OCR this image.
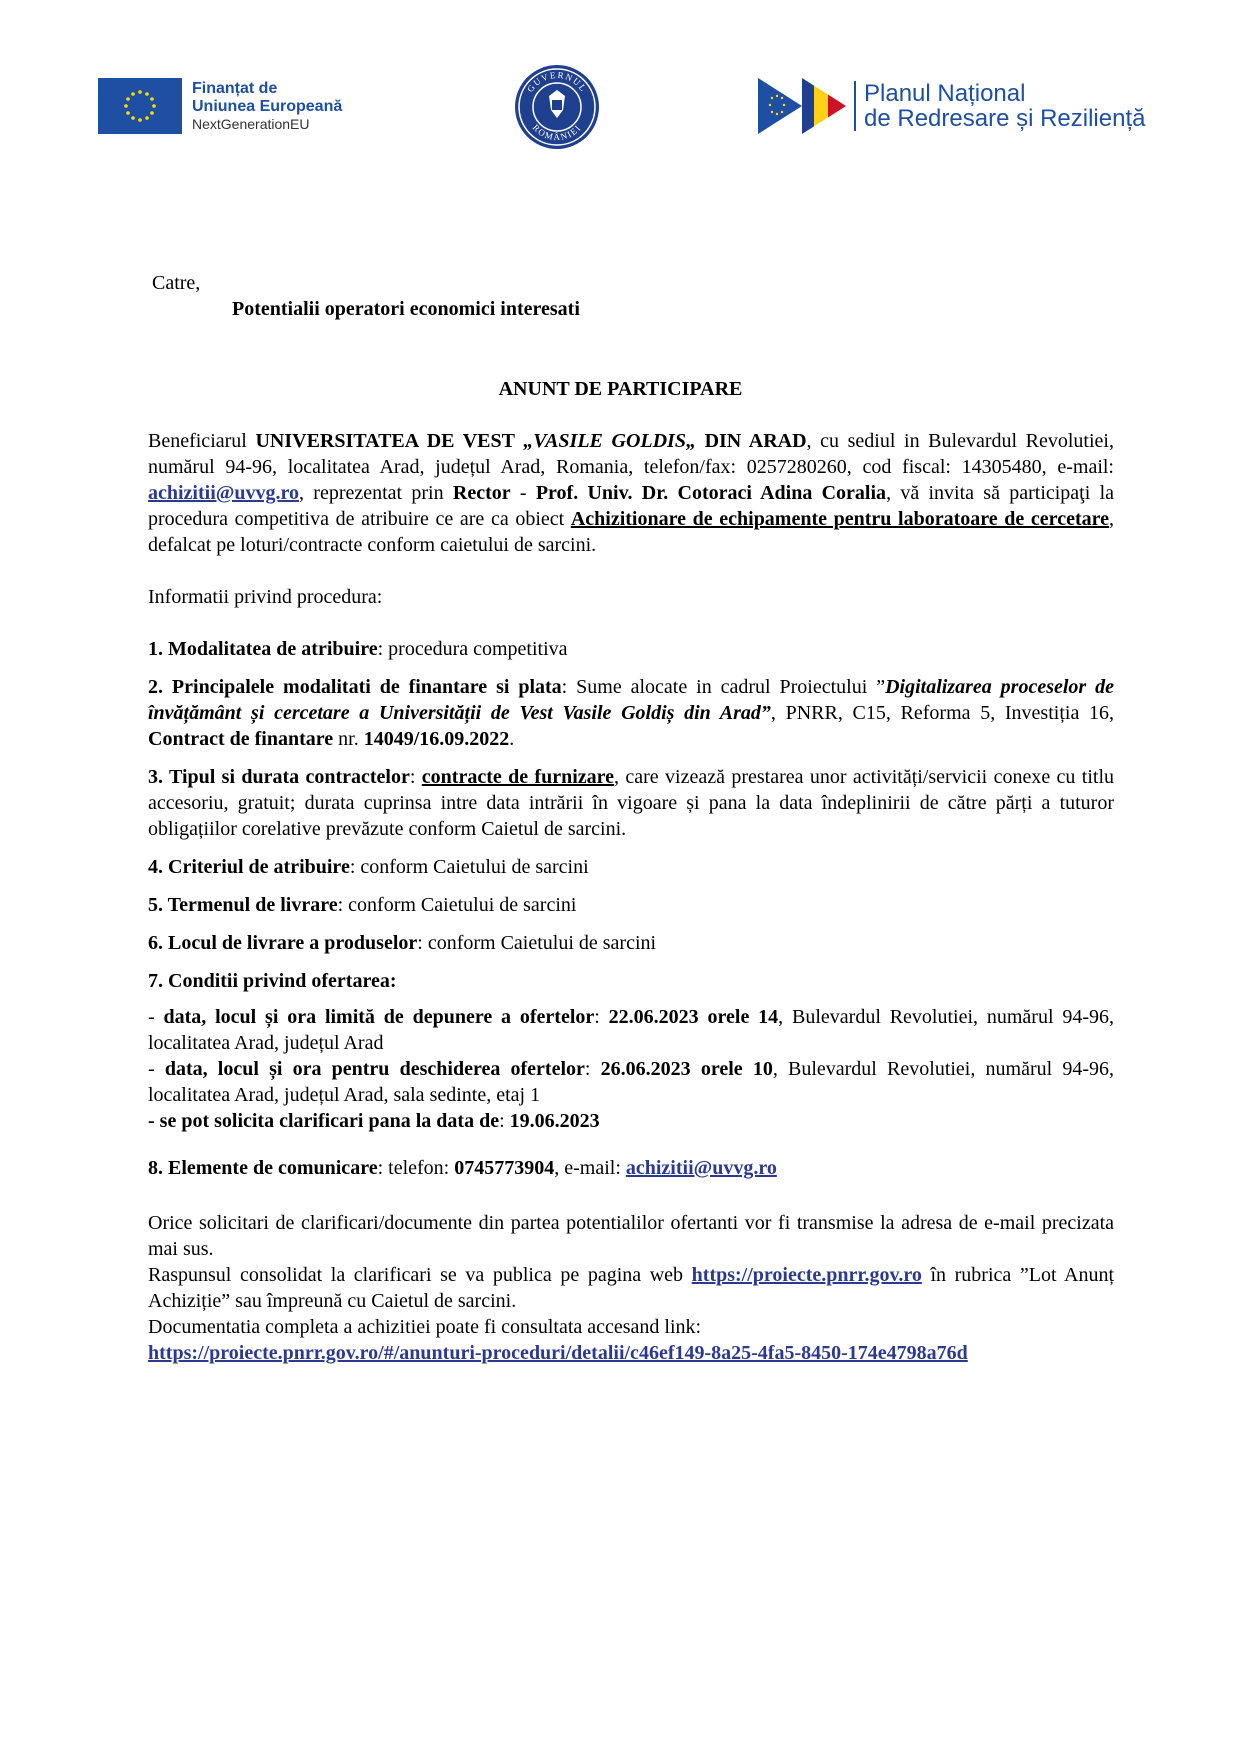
Finanțat de
Uniunea Europeană
NextGenerationEU
GUVERNUL
ROMÂNIEI
Planul Național
de Redresare și Reziliență
Catre,
Potentialii operatori economici interesati
ANUNT DE PARTICIPARE

Beneficiarul UNIVERSITATEA DE VEST „VASILE GOLDIS„ DIN ARAD, cu sediul in Bulevardul Revolutiei, numărul 94-96, localitatea Arad, județul Arad, Romania, telefon/fax: 0257280260, cod fiscal: 14305480, e-mail: achizitii@uvvg.ro, reprezentat prin Rector - Prof. Univ. Dr. Cotoraci Adina Coralia, vă invita să participaţi la procedura competitiva de atribuire ce are ca obiect Achizitionare de echipamente pentru laboratoare de cercetare, defalcat pe loturi/contracte conform caietului de sarcini.

Informatii privind procedura:

1. Modalitatea de atribuire: procedura competitiva

2. Principalele modalitati de finantare si plata: Sume alocate in cadrul Proiectului ”Digitalizarea proceselor de învățământ și cercetare a Universității de Vest Vasile Goldiș din Arad”, PNRR, C15, Reforma 5, Investiția 16, Contract de finantare nr. 14049/16.09.2022.

3. Tipul si durata contractelor: contracte de furnizare, care vizează prestarea unor activități/servicii conexe cu titlu accesoriu, gratuit; durata cuprinsa intre data intrării în vigoare și pana la data îndeplinirii de către părți a tuturor obligațiilor corelative prevăzute conform Caietul de sarcini.

4. Criteriul de atribuire: conform Caietului de sarcini

5. Termenul de livrare: conform Caietului de sarcini

6. Locul de livrare a produselor: conform Caietului de sarcini

7. Conditii privind ofertarea:

- data, locul și ora limită de depunere a ofertelor: 22.06.2023 orele 14, Bulevardul Revolutiei, numărul 94-96, localitatea Arad, județul Arad

- data, locul și ora pentru deschiderea ofertelor: 26.06.2023 orele 10, Bulevardul Revolutiei, numărul 94-96, localitatea Arad, județul Arad, sala sedinte, etaj 1

- se pot solicita clarificari pana la data de: 19.06.2023

8. Elemente de comunicare: telefon: 0745773904, e-mail: achizitii@uvvg.ro

Orice solicitari de clarificari/documente din partea potentialilor ofertanti vor fi transmise la adresa de e-mail precizata mai sus.

Raspunsul consolidat la clarificari se va publica pe pagina web https://proiecte.pnrr.gov.ro în rubrica ”Lot Anunț Achiziție” sau împreună cu Caietul de sarcini.

Documentatia completa a achizitiei poate fi consultata accesand link:

https://proiecte.pnrr.gov.ro/#/anunturi-proceduri/detalii/c46ef149-8a25-4fa5-8450-174e4798a76d
